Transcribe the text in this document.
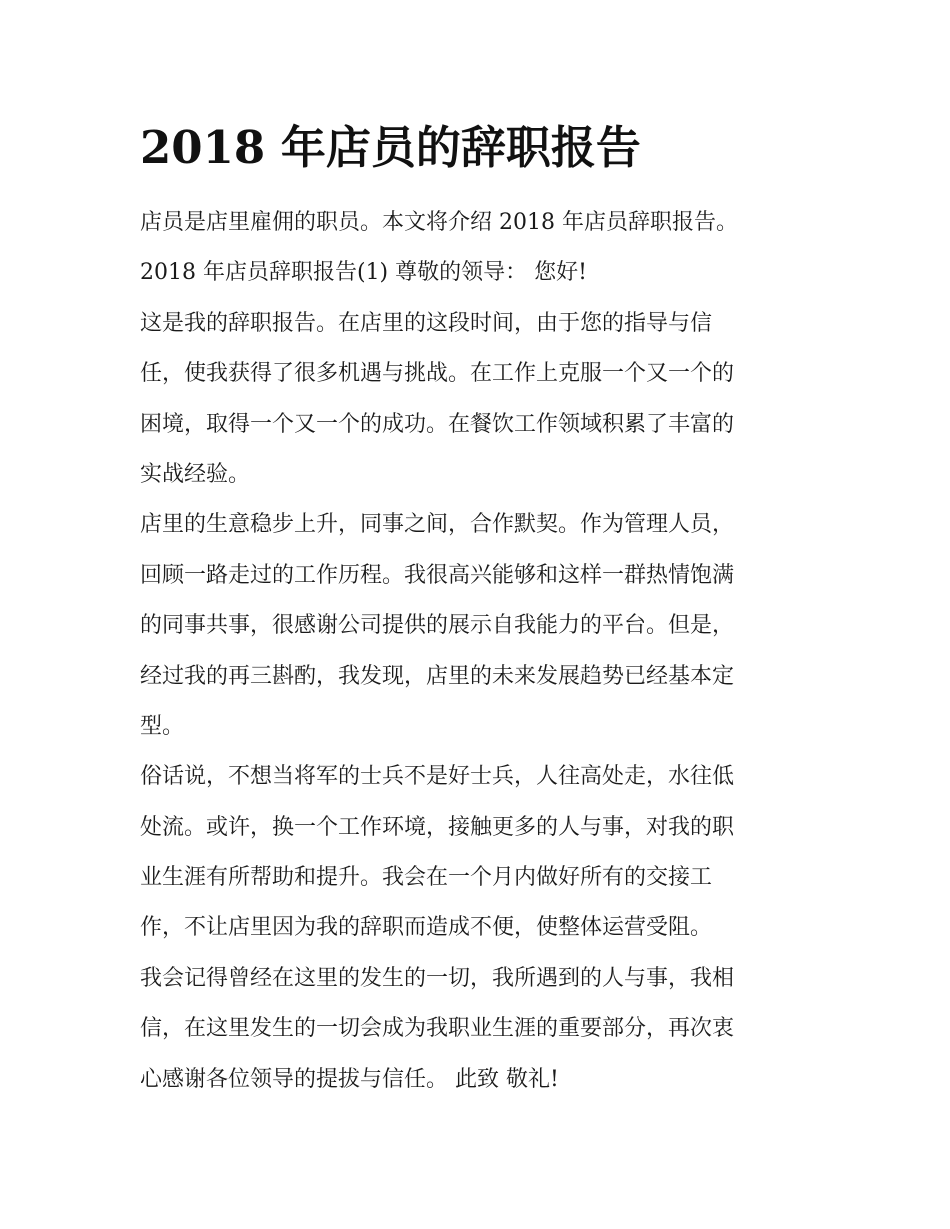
2018 年店员的辞职报告

店员是店里雇佣的职员。本文将介绍 2018 年店员辞职报告。

2018 年店员辞职报告(1) 尊敬的领导： 您好!

这是我的辞职报告。在店里的这段时间，由于您的指导与信
任，使我获得了很多机遇与挑战。在工作上克服一个又一个的
困境，取得一个又一个的成功。在餐饮工作领域积累了丰富的
实战经验。

店里的生意稳步上升，同事之间，合作默契。作为管理人员，
回顾一路走过的工作历程。我很高兴能够和这样一群热情饱满
的同事共事，很感谢公司提供的展示自我能力的平台。但是，
经过我的再三斟酌，我发现，店里的未来发展趋势已经基本定
型。

俗话说，不想当将军的士兵不是好士兵，人往高处走，水往低
处流。或许，换一个工作环境，接触更多的人与事，对我的职
业生涯有所帮助和提升。我会在一个月内做好所有的交接工
作，不让店里因为我的辞职而造成不便，使整体运营受阻。

我会记得曾经在这里的发生的一切，我所遇到的人与事，我相
信，在这里发生的一切会成为我职业生涯的重要部分，再次衷
心感谢各位领导的提拔与信任。 此致 敬礼!
